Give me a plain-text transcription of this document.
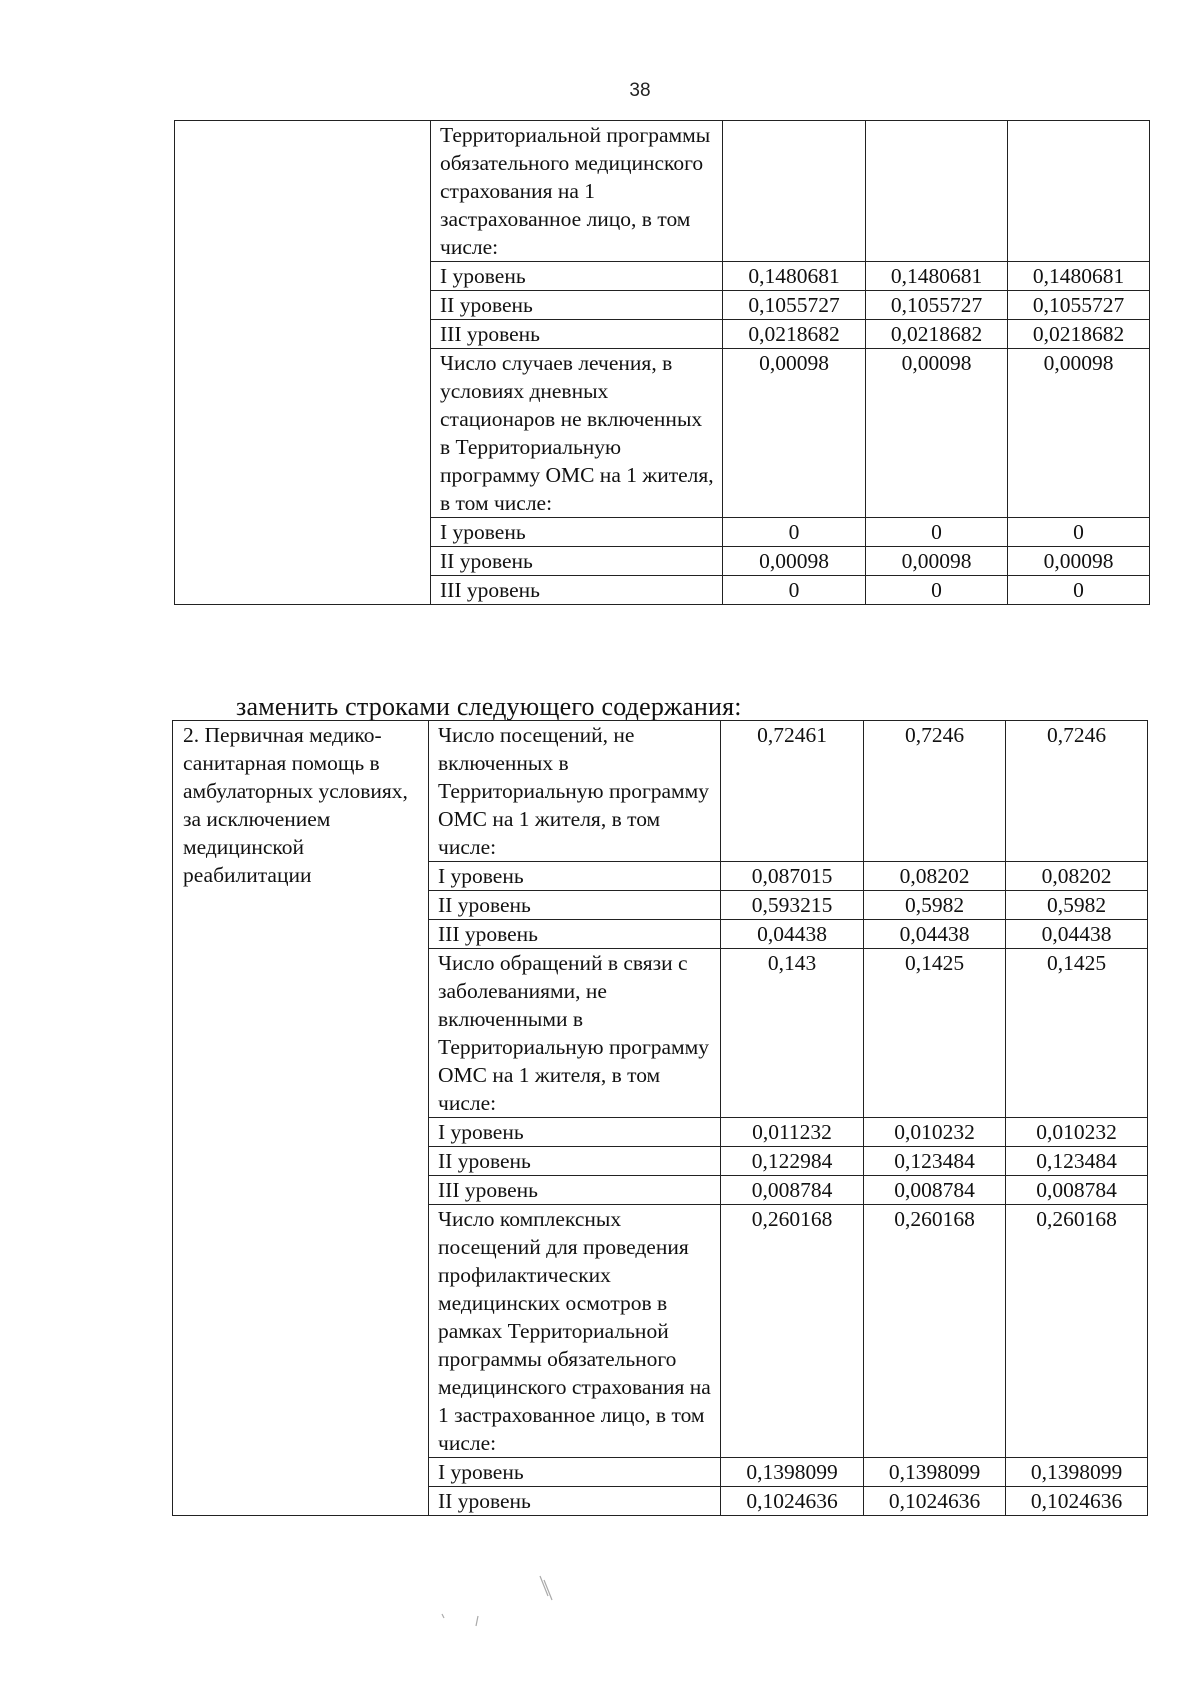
38
	Территориальной программы обязательного медицинского страхования на 1 застрахованное лицо, в том числе:			
	I уровень	0,1480681	0,1480681	0,1480681
	II уровень	0,1055727	0,1055727	0,1055727
	III уровень	0,0218682	0,0218682	0,0218682
	Число случаев лечения, в условиях дневных стационаров не включенных в Территориальную программу ОМС на 1 жителя, в том числе:	0,00098	0,00098	0,00098
	I уровень	0	0	0
	II уровень	0,00098	0,00098	0,00098
	III уровень	0	0	0
заменить строками следующего содержания:
2. Первичная медико-санитарная помощь в амбулаторных условиях, за исключением медицинской реабилитации	Число посещений, не включенных в Территориальную программу ОМС на 1 жителя, в том числе:	0,72461	0,7246	0,7246
	I уровень	0,087015	0,08202	0,08202
	II уровень	0,593215	0,5982	0,5982
	III уровень	0,04438	0,04438	0,04438
	Число обращений в связи с заболеваниями, не включенными в Территориальную программу ОМС на 1 жителя, в том числе:	0,143	0,1425	0,1425
	I уровень	0,011232	0,010232	0,010232
	II уровень	0,122984	0,123484	0,123484
	III уровень	0,008784	0,008784	0,008784
	Число комплексных посещений для проведения профилактических медицинских осмотров в рамках Территориальной программы обязательного медицинского страхования на 1 застрахованное лицо, в том числе:	0,260168	0,260168	0,260168
	I уровень	0,1398099	0,1398099	0,1398099
	II уровень	0,1024636	0,1024636	0,1024636
